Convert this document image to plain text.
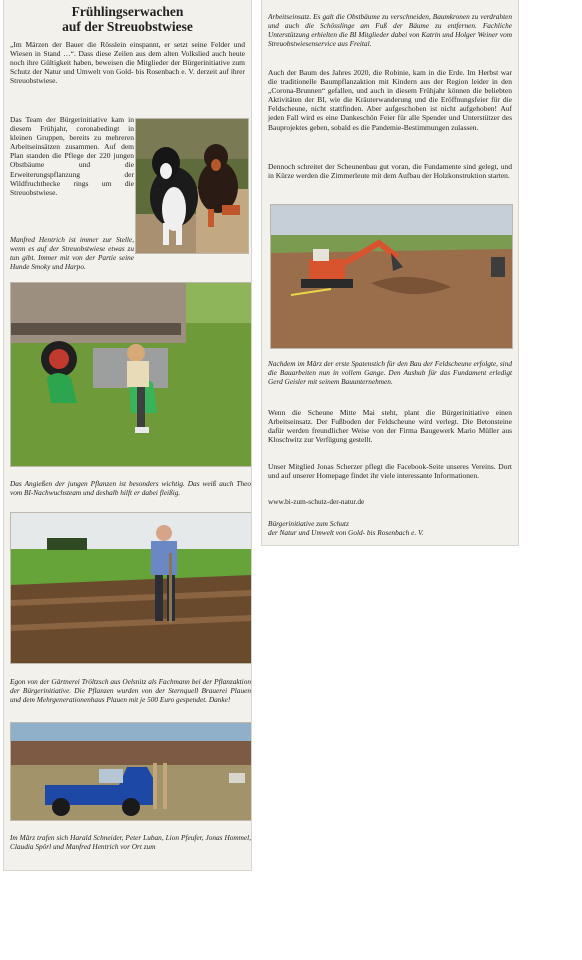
Frühlingserwachen
auf der Streuobstwiese

„Im Märzen der Bauer die Rösslein einspannt, er setzt seine Felder und Wiesen in Stand …“. Dass diese Zeilen aus dem alten Volkslied auch heute noch ihre Gültigkeit haben, beweisen die Mitglieder der Bürgerinitiative zum Schutz der Natur und Umwelt von Gold- bis Rosenbach e. V. derzeit auf ihrer Streuobstwiese.

Das Team der Bürgerinitiative kam in diesem Frühjahr, coronabedingt in kleinen Gruppen, bereits zu mehreren Arbeitseinsätzen zusammen. Auf dem Plan standen die Pflege der 220 jungen Obstbäume und die Erweiterungspflanzung der Wildfruchthecke rings um die Streuobstwiese.

Manfred Hentrich ist immer zur Stelle, wenn es auf der Streuobstwiese etwas zu tun gibt. Immer mit von der Partie seine Hunde Smoky und Harpo.

Das Angießen der jungen Pflanzen ist besonders wichtig. Das weiß auch Theo vom BI-Nachwuchsteam und deshalb hilft er dabei fleißig.

Egon von der Gärtnerei Tröltzsch aus Oelsnitz als Fachmann bei der Pflanzaktion der Bürgerinitiative. Die Pflanzen wurden von der Sternquell Brauerei Plauen und dem Mehrgenerationenhaus Plauen mit je 500 Euro gespendet. Danke!

Im März trafen sich Harald Schneider, Peter Luban, Lion Pfeufer, Jonas Hommel, Claudia Spörl und Manfred Hentrich vor Ort zum

Arbeitseinsatz. Es galt die Obstbäume zu verschneiden, Baumkronen zu verdrahten und auch die Schösslinge am Fuß der Bäume zu entfernen. Fachliche Unterstützung erhielten die BI Mitglieder dabei von Katrin und Holger Weiner vom Streuobstwiesenservice aus Freital.

Auch der Baum des Jahres 2020, die Robinie, kam in die Erde. Im Herbst war die traditionelle Baumpflanzaktion mit Kindern aus der Region leider in den „Corona-Brunnen“ gefallen, und auch in diesem Frühjahr können die beliebten Aktivitäten der BI, wie die Kräuterwanderung und die Eröffnungsfeier für die Feldscheune, nicht stattfinden. Aber aufgeschoben ist nicht aufgehoben! Auf jeden Fall wird es eine Dankeschön Feier für alle Spender und Unterstützer des Bauprojektes geben, sobald es die Pandemie-Bestimmungen zulassen.

Dennoch schreitet der Scheunenbau gut voran, die Fundamente sind gelegt, und in Kürze werden die Zimmerleute mit dem Aufbau der Holzkonstruktion starten.

Nachdem im März der erste Spatenstich für den Bau der Feldscheune erfolgte, sind die Bauarbeiten nun in vollem Gange. Den Aushub für das Fundament erledigt Gerd Geisler mit seinem Bauunternehmen.

Wenn die Scheune Mitte Mai steht, plant die Bürgerinitiative einen Arbeitseinsatz. Der Fußboden der Feldscheune wird verlegt. Die Betonsteine dafür werden freundlicher Weise von der Firma Baugewerk Mario Müller aus Kloschwitz zur Verfügung gestellt.

Unser Mitglied Jonas Scherzer pflegt die Facebook-Seite unseres Vereins. Dort und auf unserer Homepage findet ihr viele interessante Informationen.

www.bi-zum-schutz-der-natur.de
Bürgerinitiative zum Schutz
der Natur und Umwelt von Gold- bis Rosenbach e. V.
